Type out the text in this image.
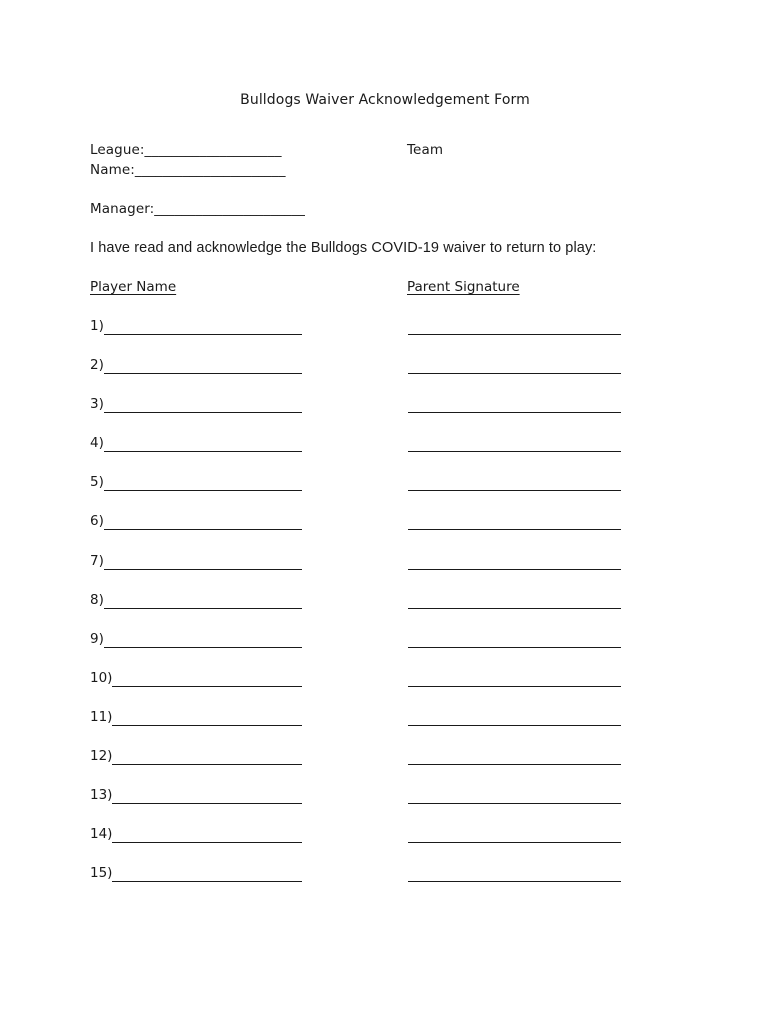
Bulldogs Waiver Acknowledgement Form
League:____________________	Team
Name:______________________
Manager:______________________
I have read and acknowledge the Bulldogs COVID-19 waiver to return to play:
Player Name	Parent Signature
1)
2)
3)
4)
5)
6)
7)
8)
9)
10)
11)
12)
13)
14)
15)
